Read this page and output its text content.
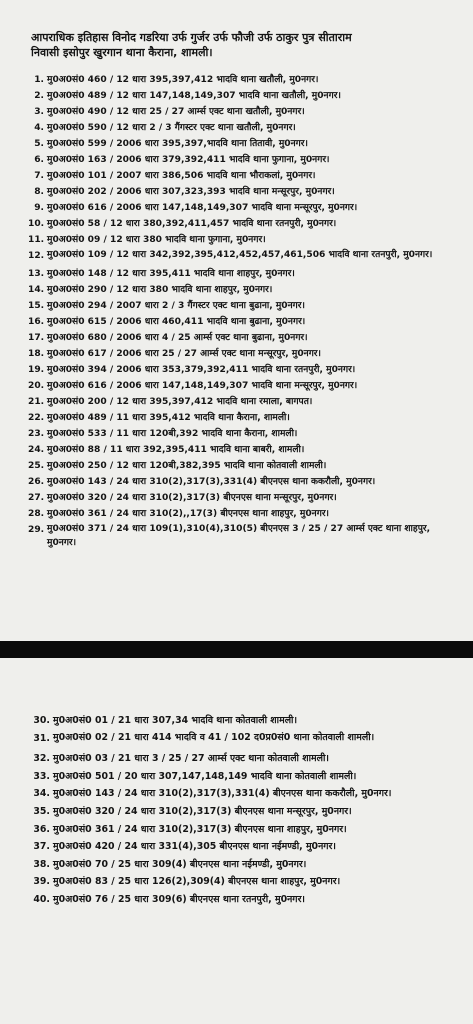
आपराधिक इतिहास विनोद गडरिया उर्फ गुर्जर उर्फ फौजी उर्फ ठाकुर पुत्र सीताराम
निवासी इसोपुर खुरगान थाना कैराना, शामली।
1. मु0अ0सं0 460 / 12 धारा 395,397,412 भादवि थाना खतौली, मु0नगर।
2. मु0अ0सं0 489 / 12 धारा 147,148,149,307 भादवि थाना खतौली, मु0नगर।
3. मु0अ0सं0 490 / 12 धारा 25 / 27 आर्म्स एक्ट थाना खतौली, मु0नगर।
4. मु0अ0सं0 590 / 12 धारा 2 / 3 गैंगस्टर एक्ट थाना खतौली, मु0नगर।
5. मु0अ0सं0 599 / 2006 धारा 395,397,भादवि थाना तितावी, मु0नगर।
6. मु0अ0सं0 163 / 2006 धारा 379,392,411 भादवि थाना फुगाना, मु0नगर।
7. मु0अ0सं0 101 / 2007 धारा 386,506 भादवि थाना भौराकलां, मु0नगर।
8. मु0अ0सं0 202 / 2006 धारा 307,323,393 भादवि थाना मन्सूरपुर, मु0नगर।
9. मु0अ0सं0 616 / 2006 धारा 147,148,149,307 भादवि थाना मन्सूरपुर, मु0नगर।
10. मु0अ0सं0 58 / 12 धारा 380,392,411,457 भादवि थाना रतनपुरी, मु0नगर।
11. मु0अ0सं0 09 / 12 धारा 380 भादवि थाना फुगाना, मु0नगर।
12. मु0अ0सं0 109 / 12 धारा 342,392,395,412,452,457,461,506 भादवि थाना रतनपुरी, मु0नगर।
13. मु0अ0सं0 148 / 12 धारा 395,411 भादवि थाना शाहपुर, मु0नगर।
14. मु0अ0सं0 290 / 12 धारा 380 भादवि थाना शाहपुर, मु0नगर।
15. मु0अ0सं0 294 / 2007 धारा 2 / 3 गैंगस्टर एक्ट थाना बुढाना, मु0नगर।
16. मु0अ0सं0 615 / 2006 धारा 460,411 भादवि थाना बुढाना, मु0नगर।
17. मु0अ0सं0 680 / 2006 धारा 4 / 25 आर्म्स एक्ट थाना बुढाना, मु0नगर।
18. मु0अ0सं0 617 / 2006 धारा 25 / 27 आर्म्स एक्ट थाना मन्सूरपुर, मु0नगर।
19. मु0अ0सं0 394 / 2006 धारा 353,379,392,411 भादवि थाना रतनपुरी, मु0नगर।
20. मु0अ0सं0 616 / 2006 धारा 147,148,149,307 भादवि थाना मन्सूरपुर, मु0नगर।
21. मु0अ0सं0 200 / 12 धारा 395,397,412 भादवि थाना रमाला, बागपत।
22. मु0अ0सं0 489 / 11 धारा 395,412 भादवि थाना कैराना, शामली।
23. मु0अ0सं0 533 / 11 धारा 120बी,392 भादवि थाना कैराना, शामली।
24. मु0अ0सं0 88 / 11 धारा 392,395,411 भादवि थाना बाबरी, शामली।
25. मु0अ0सं0 250 / 12 धारा 120बी,382,395 भादवि थाना कोतवाली शामली।
26. मु0अ0सं0 143 / 24 धारा 310(2),317(3),331(4) बीएनएस थाना ककरौली, मु0नगर।
27. मु0अ0सं0 320 / 24 धारा 310(2),317(3) बीएनएस थाना मन्सूरपुर, मु0नगर।
28. मु0अ0सं0 361 / 24 धारा 310(2),,17(3) बीएनएस थाना शाहपुर, मु0नगर।
29. मु0अ0सं0 371 / 24 धारा 109(1),310(4),310(5) बीएनएस 3 / 25 / 27 आर्म्स एक्ट थाना शाहपुर, मु0नगर।
30. मु0अ0सं0 01 / 21 धारा 307,34 भादवि थाना कोतवाली शामली।
31. मु0अ0सं0 02 / 21 धारा 414 भादवि व 41 / 102 द0प्र0सं0 थाना कोतवाली शामली।
32. मु0अ0सं0 03 / 21 धारा 3 / 25 / 27 आर्म्स एक्ट थाना कोतवाली शामली।
33. मु0अ0सं0 501 / 20 धारा 307,147,148,149 भादवि थाना कोतवाली शामली।
34. मु0अ0सं0 143 / 24 धारा 310(2),317(3),331(4) बीएनएस थाना ककरौली, मु0नगर।
35. मु0अ0सं0 320 / 24 धारा 310(2),317(3) बीएनएस थाना मन्सूरपुर, मु0नगर।
36. मु0अ0सं0 361 / 24 धारा 310(2),317(3) बीएनएस थाना शाहपुर, मु0नगर।
37. मु0अ0सं0 420 / 24 धारा 331(4),305 बीएनएस थाना नईमण्डी, मु0नगर।
38. मु0अ0सं0 70 / 25 धारा 309(4) बीएनएस थाना नईमण्डी, मु0नगर।
39. मु0अ0सं0 83 / 25 धारा 126(2),309(4) बीएनएस थाना शाहपुर, मु0नगर।
40. मु0अ0सं0 76 / 25 धारा 309(6) बीएनएस थाना रतनपुरी, मु0नगर।
